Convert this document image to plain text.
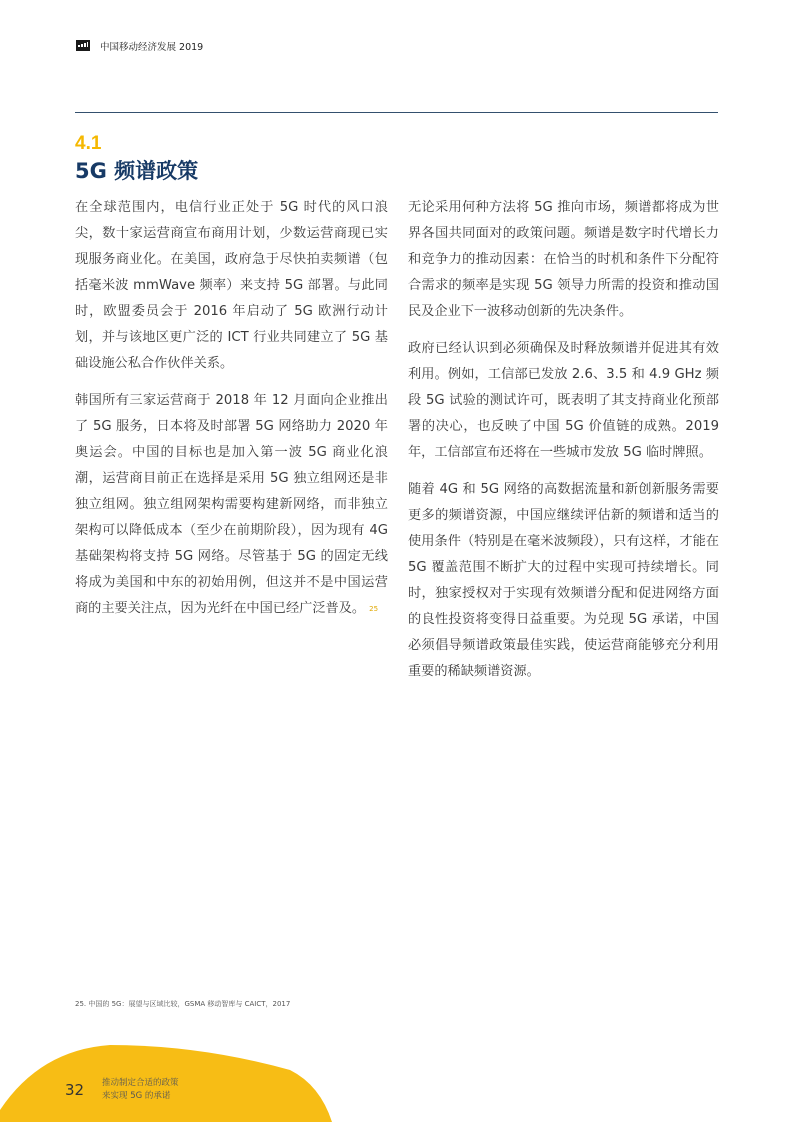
中国移动经济发展 2019
4.1
5G 频谱政策

在全球范围内，电信行业正处于 5G 时代的风口浪尖，数十家运营商宣布商用计划，少数运营商现已实现服务商业化。在美国，政府急于尽快拍卖频谱（包括毫米波 mmWave 频率）来支持 5G 部署。与此同时，欧盟委员会于 2016 年启动了 5G 欧洲行动计划，并与该地区更广泛的 ICT 行业共同建立了 5G 基础设施公私合作伙伴关系。

韩国所有三家运营商于 2018 年 12 月面向企业推出了 5G 服务，日本将及时部署 5G 网络助力 2020 年奥运会。中国的目标也是加入第一波 5G 商业化浪潮，运营商目前正在选择是采用 5G 独立组网还是非独立组网。独立组网架构需要构建新网络，而非独立架构可以降低成本（至少在前期阶段），因为现有 4G 基础架构将支持 5G 网络。尽管基于 5G 的固定无线将成为美国和中东的初始用例，但这并不是中国运营商的主要关注点，因为光纤在中国已经广泛普及。 $^{25}$

无论采用何种方法将 5G 推向市场，频谱都将成为世界各国共同面对的政策问题。频谱是数字时代增长力和竞争力的推动因素：在恰当的时机和条件下分配符合需求的频率是实现 5G 领导力所需的投资和推动国民及企业下一波移动创新的先决条件。

政府已经认识到必须确保及时释放频谱并促进其有效利用。例如，工信部已发放 2.6、3.5 和 4.9 GHz 频段 5G 试验的测试许可，既表明了其支持商业化预部署的决心，也反映了中国 5G 价值链的成熟。2019 年，工信部宣布还将在一些城市发放 5G 临时牌照。

随着 4G 和 5G 网络的高数据流量和新创新服务需要更多的频谱资源，中国应继续评估新的频谱和适当的使用条件（特别是在毫米波频段），只有这样，才能在 5G 覆盖范围不断扩大的过程中实现可持续增长。同时，独家授权对于实现有效频谱分配和促进网络方面的良性投资将变得日益重要。为兑现 5G 承诺，中国必须倡导频谱政策最佳实践，使运营商能够充分利用重要的稀缺频谱资源。

25. 中国的 5G：展望与区域比较，GSMA 移动智库与 CAICT，2017
32 推动制定合适的政策
来实现 5G 的承诺
